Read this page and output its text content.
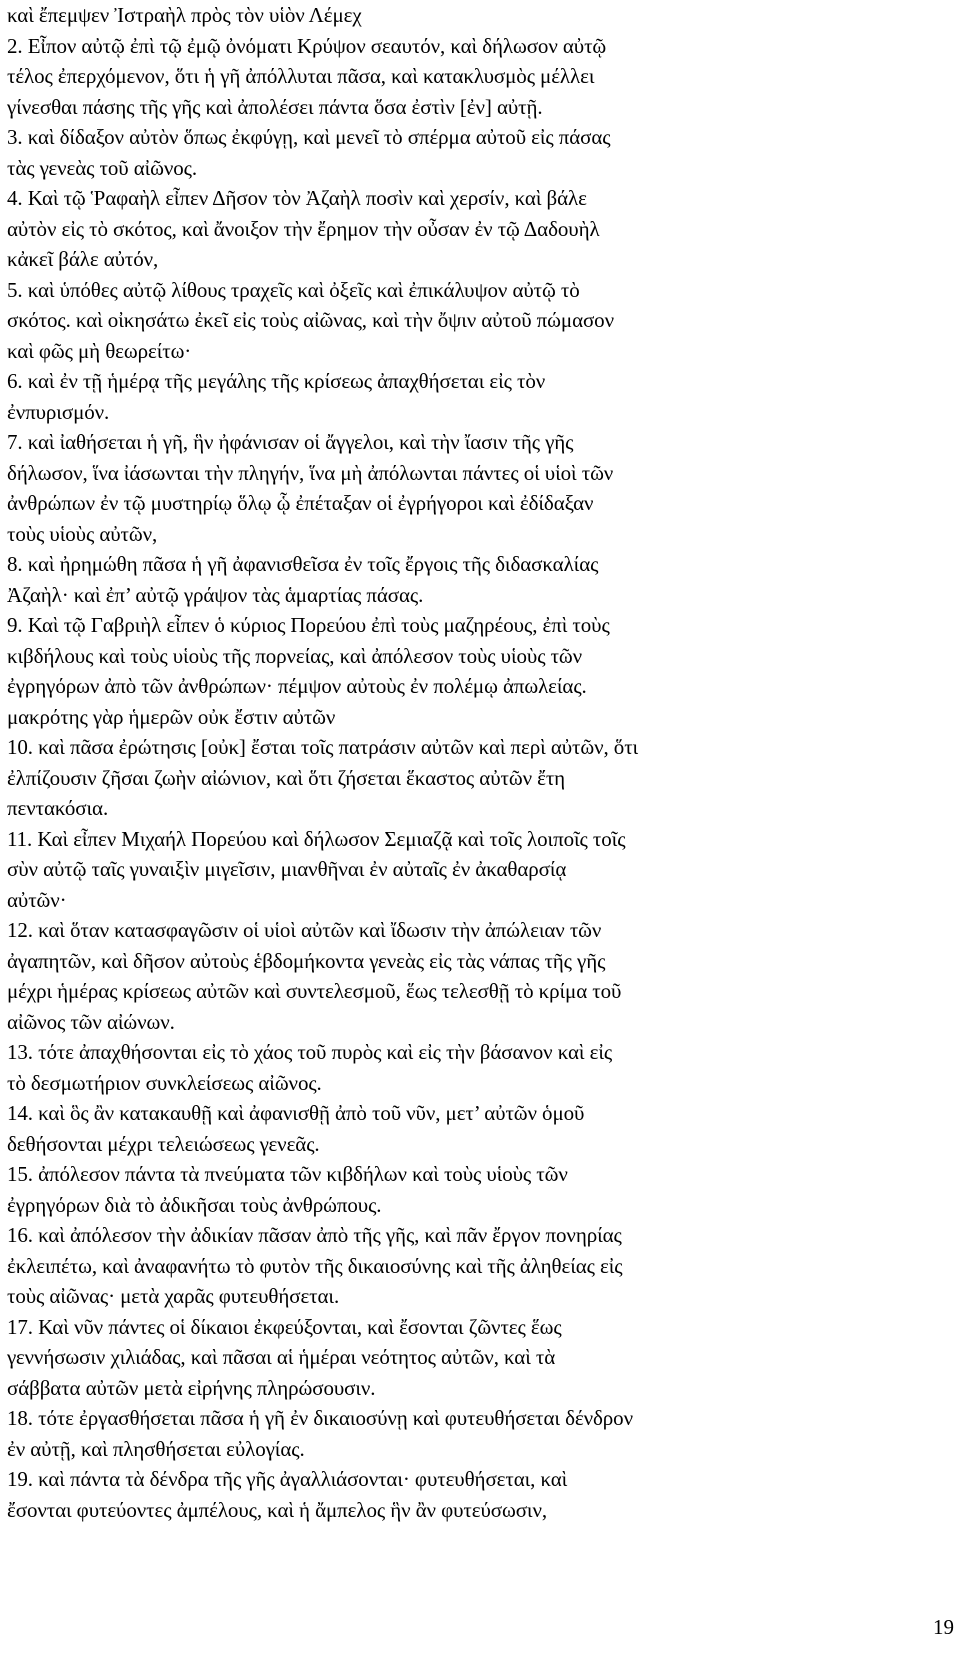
καὶ ἔπεμψεν Ἰστραὴλ πρὸς τὸν υἱὸν Λέμεχ
2. Εἶπον αὐτῷ ἐπὶ τῷ ἐμῷ ὀνόματι Κρύψον σεαυτόν, καὶ δήλωσον αὐτῷ
τέλος ἐπερχόμενον, ὅτι ἡ γῆ ἀπόλλυται πᾶσα, καὶ κατακλυσμὸς μέλλει
γίνεσθαι πάσης τῆς γῆς καὶ ἀπολέσει πάντα ὅσα ἐστὶν [ἐν] αὐτῇ.
3. καὶ δίδαξον αὐτὸν ὅπως ἐκφύγῃ, καὶ μενεῖ τὸ σπέρμα αὐτοῦ εἰς πάσας
τὰς γενεὰς τοῦ αἰῶνος.
4. Καὶ τῷ Ῥαφαὴλ εἶπεν Δῆσον τὸν Ἀζαὴλ ποσὶν καὶ χερσίν, καὶ βάλε
αὐτὸν εἰς τὸ σκότος, καὶ ἄνοιξον τὴν ἔρημον τὴν οὖσαν ἐν τῷ Δαδουὴλ
κἀκεῖ βάλε αὐτόν,
5. καὶ ὑπόθες αὐτῷ λίθους τραχεῖς καὶ ὀξεῖς καὶ ἐπικάλυψον αὐτῷ τὸ
σκότος. καὶ οἰκησάτω ἐκεῖ εἰς τοὺς αἰῶνας, καὶ τὴν ὄψιν αὐτοῦ πώμασον
καὶ φῶς μὴ θεωρείτω·
6. καὶ ἐν τῇ ἡμέρᾳ τῆς μεγάλης τῆς κρίσεως ἀπαχθήσεται εἰς τὸν
ἐνπυρισμόν.
7. καὶ ἰαθήσεται ἡ γῆ, ἣν ἠφάνισαν οἱ ἄγγελοι, καὶ τὴν ἴασιν τῆς γῆς
δήλωσον, ἵνα ἰάσωνται τὴν πληγήν, ἵνα μὴ ἀπόλωνται πάντες οἱ υἱοὶ τῶν
ἀνθρώπων ἐν τῷ μυστηρίῳ ὅλῳ ᾧ ἐπέταξαν οἱ ἐγρήγοροι καὶ ἐδίδαξαν
τοὺς υἱοὺς αὐτῶν,
8. καὶ ἠρημώθη πᾶσα ἡ γῆ ἀφανισθεῖσα ἐν τοῖς ἔργοις τῆς διδασκαλίας
Ἀζαὴλ· καὶ ἐπ’ αὐτῷ γράψον τὰς ἁμαρτίας πάσας.
9. Καὶ τῷ Γαβριὴλ εἶπεν ὁ κύριος Πορεύου ἐπὶ τοὺς μαζηρέους, ἐπὶ τοὺς
κιβδήλους καὶ τοὺς υἱοὺς τῆς πορνείας, καὶ ἀπόλεσον τοὺς υἱοὺς τῶν
ἐγρηγόρων ἀπὸ τῶν ἀνθρώπων· πέμψον αὐτοὺς ἐν πολέμῳ ἀπωλείας.
μακρότης γὰρ ἡμερῶν οὐκ ἔστιν αὐτῶν
10. καὶ πᾶσα ἐρώτησις [οὐκ] ἔσται τοῖς πατράσιν αὐτῶν καὶ περὶ αὐτῶν, ὅτι
ἐλπίζουσιν ζῆσαι ζωὴν αἰώνιον, καὶ ὅτι ζήσεται ἕκαστος αὐτῶν ἔτη
πεντακόσια.
11. Καὶ εἶπεν Μιχαήλ Πορεύου καὶ δήλωσον Σεμιαζᾷ καὶ τοῖς λοιποῖς τοῖς
σὺν αὐτῷ ταῖς γυναιξὶν μιγεῖσιν, μιανθῆναι ἐν αὐταῖς ἐν ἀκαθαρσίᾳ
αὐτῶν·
12. καὶ ὅταν κατασφαγῶσιν οἱ υἱοὶ αὐτῶν καὶ ἴδωσιν τὴν ἀπώλειαν τῶν
ἀγαπητῶν, καὶ δῆσον αὐτοὺς ἑβδομήκοντα γενεὰς εἰς τὰς νάπας τῆς γῆς
μέχρι ἡμέρας κρίσεως αὐτῶν καὶ συντελεσμοῦ, ἕως τελεσθῇ τὸ κρίμα τοῦ
αἰῶνος τῶν αἰώνων.
13. τότε ἀπαχθήσονται εἰς τὸ χάος τοῦ πυρὸς καὶ εἰς τὴν βάσανον καὶ εἰς
τὸ δεσμωτήριον συνκλείσεως αἰῶνος.
14. καὶ ὃς ἂν κατακαυθῇ καὶ ἀφανισθῇ ἀπὸ τοῦ νῦν, μετ’ αὐτῶν ὁμοῦ
δεθήσονται μέχρι τελειώσεως γενεᾶς.
15. ἀπόλεσον πάντα τὰ πνεύματα τῶν κιβδήλων καὶ τοὺς υἱοὺς τῶν
ἐγρηγόρων διὰ τὸ ἀδικῆσαι τοὺς ἀνθρώπους.
16. καὶ ἀπόλεσον τὴν ἀδικίαν πᾶσαν ἀπὸ τῆς γῆς, καὶ πᾶν ἔργον πονηρίας
ἐκλειπέτω, καὶ ἀναφανήτω τὸ φυτὸν τῆς δικαιοσύνης καὶ τῆς ἀληθείας εἰς
τοὺς αἰῶνας· μετὰ χαρᾶς φυτευθήσεται.
17. Καὶ νῦν πάντες οἱ δίκαιοι ἐκφεύξονται, καὶ ἔσονται ζῶντες ἕως
γεννήσωσιν χιλιάδας, καὶ πᾶσαι αἱ ἡμέραι νεότητος αὐτῶν, καὶ τὰ
σάββατα αὐτῶν μετὰ εἰρήνης πληρώσουσιν.
18. τότε ἐργασθήσεται πᾶσα ἡ γῆ ἐν δικαιοσύνῃ καὶ φυτευθήσεται δένδρον
ἐν αὐτῇ, καὶ πλησθήσεται εὐλογίας.
19. καὶ πάντα τὰ δένδρα τῆς γῆς ἀγαλλιάσονται· φυτευθήσεται, καὶ
ἔσονται φυτεύοντες ἀμπέλους, καὶ ἡ ἄμπελος ἣν ἂν φυτεύσωσιν,
19
